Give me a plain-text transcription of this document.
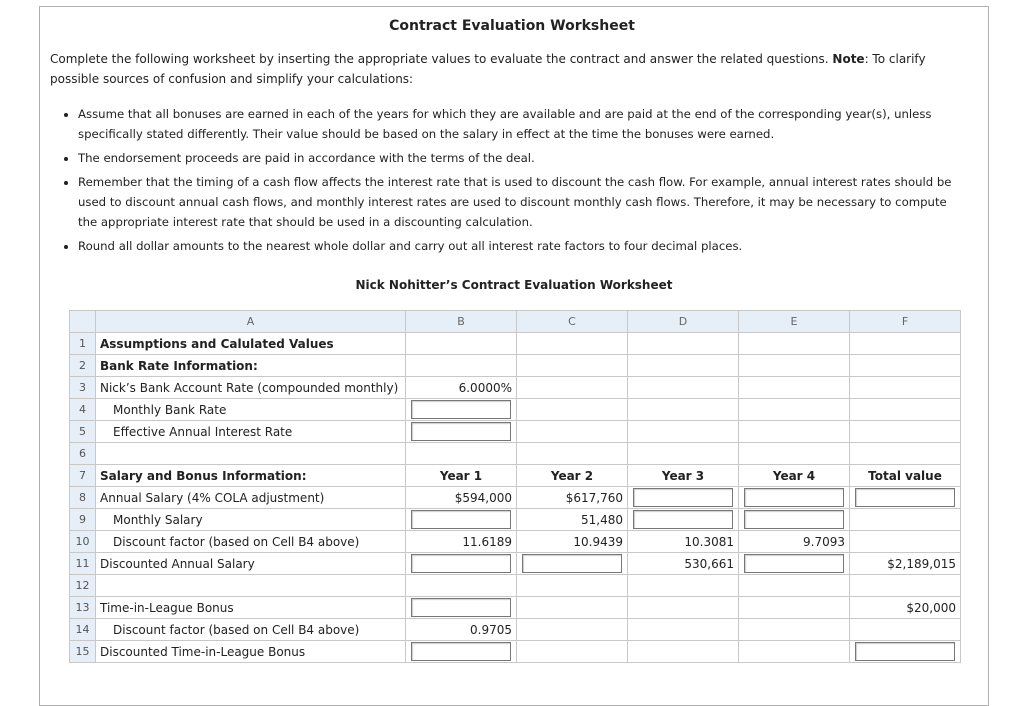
Contract Evaluation Worksheet
Complete the following worksheet by inserting the appropriate values to evaluate the contract and answer the related questions. Note: To clarify possible sources of confusion and simplify your calculations:
• Assume that all bonuses are earned in each of the years for which they are available and are paid at the end of the corresponding year(s), unless specifically stated differently. Their value should be based on the salary in effect at the time the bonuses were earned.
• The endorsement proceeds are paid in accordance with the terms of the deal.
• Remember that the timing of a cash flow affects the interest rate that is used to discount the cash flow. For example, annual interest rates should be used to discount annual cash flows, and monthly interest rates are used to discount monthly cash flows. Therefore, it may be necessary to compute the appropriate interest rate that should be used in a discounting calculation.
• Round all dollar amounts to the nearest whole dollar and carry out all interest rate factors to four decimal places.
Nick Nohitter’s Contract Evaluation Worksheet
	A	B	C	D	E	F
1	Assumptions and Calulated Values					
2	Bank Rate Information:					
3	Nick’s Bank Account Rate (compounded monthly)	6.0000%				
4	Monthly Bank Rate	

5	Effective Annual Interest Rate	

6						
7	Salary and Bonus Information:	Year 1	Year 2	Year 3	Year 4	Total value
8	Annual Salary (4% COLA adjustment)	$594,000	$617,760	

9	Monthly Salary		51,480	

10	Discount factor (based on Cell B4 above)	11.6189	10.9439	10.3081	9.7093	
11	Discounted Annual Salary			530,661		$2,189,015
12						
13	Time-in-League Bonus					$20,000
14	Discount factor (based on Cell B4 above)	0.9705				
15	Discounted Time-in-League Bonus	
